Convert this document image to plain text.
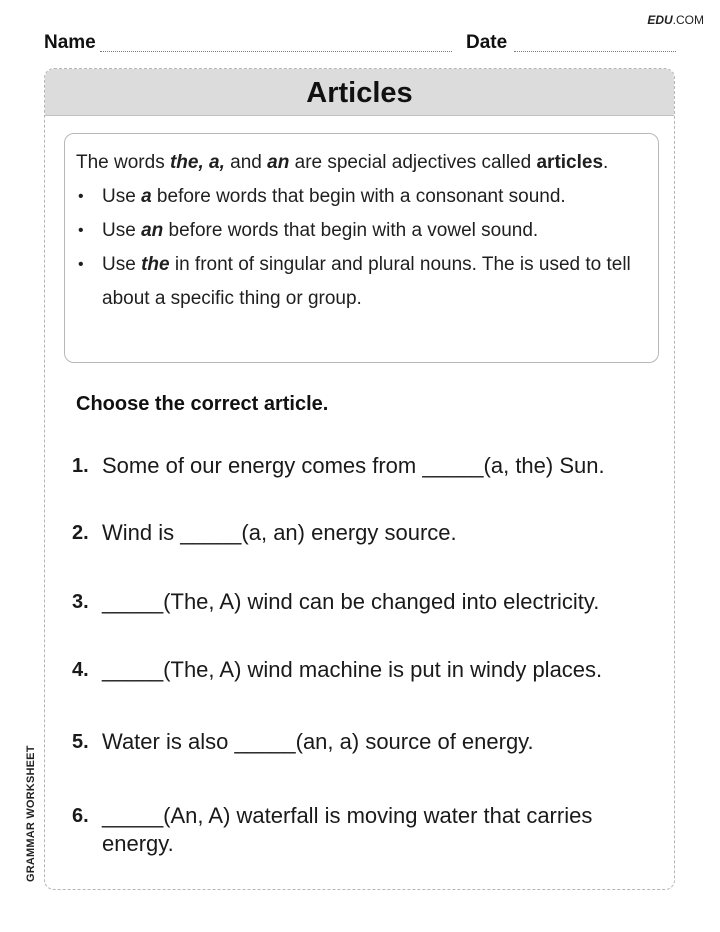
EDU.COM
Name	Date
Articles

The words the, a, and an are special adjectives called articles.

• Use a before words that begin with a consonant sound.
• Use an before words that begin with a vowel sound.
• Use the in front of singular and plural nouns. The is used to tell about a specific thing or group.
Choose the correct article.
1. Some of our energy comes from _____(a, the) Sun.
2. Wind is _____(a, an) energy source.
3. _____(The, A) wind can be changed into electricity.
4. _____(The, A) wind machine is put in windy places.
5. Water is also _____(an, a) source of energy.
6. _____(An, A) waterfall is moving water that carries energy.
GRAMMAR WORKSHEET
